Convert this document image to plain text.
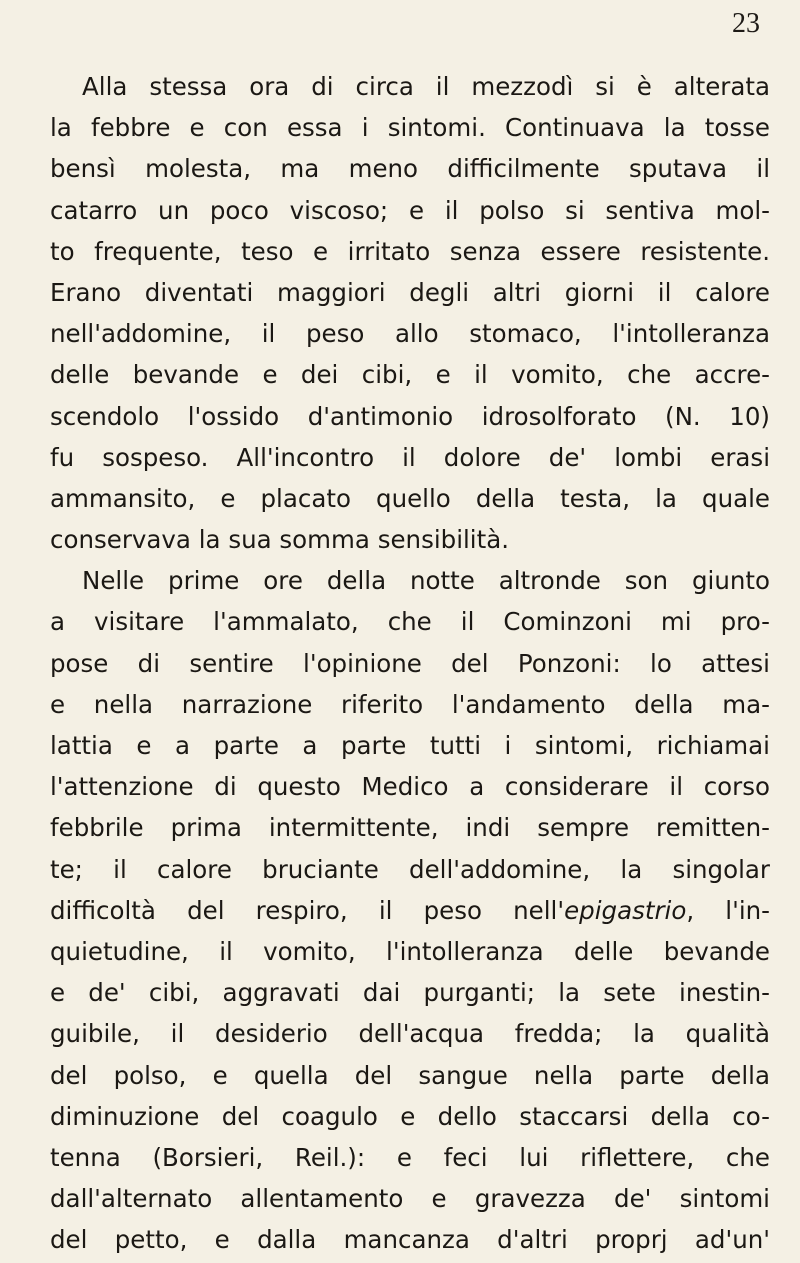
23
Alla stessa ora di circa il mezzodì si è alterata
la febbre e con essa i sintomi. Continuava la tosse
bensì molesta, ma meno difficilmente sputava il
catarro un poco viscoso; e il polso si sentiva mol-
to frequente, teso e irritato senza essere resistente.
Erano diventati maggiori degli altri giorni il calore
nell'addomine, il peso allo stomaco, l'intolleranza
delle bevande e dei cibi, e il vomito, che accre-
scendolo l'ossido d'antimonio idrosolforato (N. 10)
fu sospeso. All'incontro il dolore de' lombi erasi
ammansito, e placato quello della testa, la quale
conservava la sua somma sensibilità.
Nelle prime ore della notte altronde son giunto
a visitare l'ammalato, che il Cominzoni mi pro-
pose di sentire l'opinione del Ponzoni: lo attesi
e nella narrazione riferito l'andamento della ma-
lattia e a parte a parte tutti i sintomi, richiamai
l'attenzione di questo Medico a considerare il corso
febbrile prima intermittente, indi sempre remitten-
te; il calore bruciante dell'addomine, la singolar
difficoltà del respiro, il peso nell'epigastrio, l'in-
quietudine, il vomito, l'intolleranza delle bevande
e de' cibi, aggravati dai purganti; la sete inestin-
guibile, il desiderio dell'acqua fredda; la qualità
del polso, e quella del sangue nella parte della
diminuzione del coagulo e dello staccarsi della co-
tenna (Borsieri, Reil.): e feci lui riflettere, che
dall'alternato allentamento e gravezza de' sintomi
del petto, e dalla mancanza d'altri proprj ad'un'
